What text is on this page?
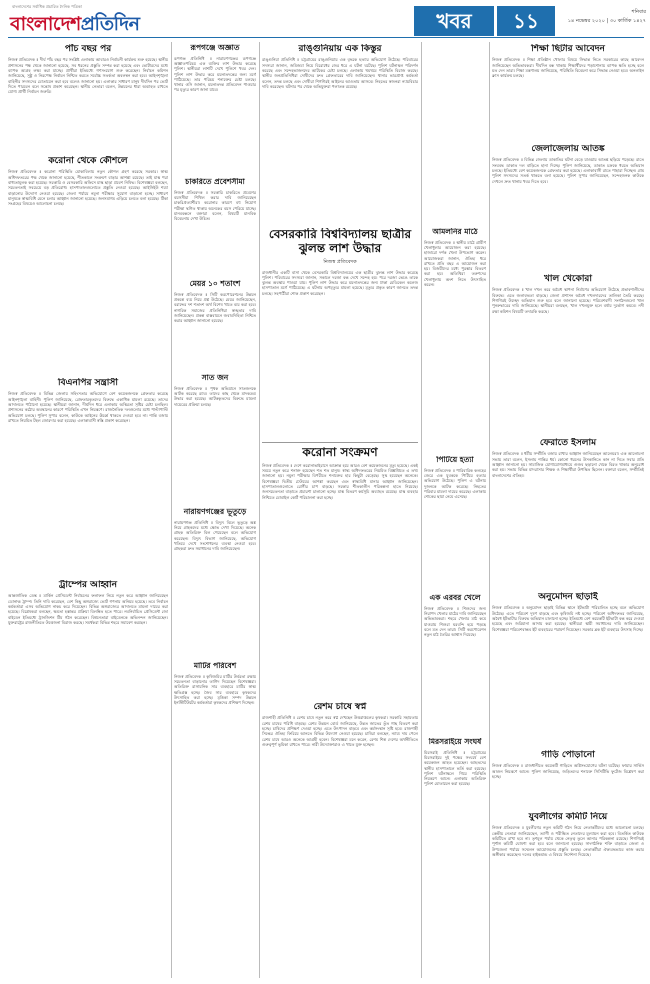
বাংলাদেশের সর্বাধিক প্রচারিত দৈনিক পত্রিকা
বাংলাদেশপ্রতিদিন	খবর	১১	শনিবার
১৪ নভেম্বর ২০২০ | ৩০ কার্তিক ১৪২৭
পাঁচ বছর পর

নিজস্ব প্রতিবেদক ॥ দীর্ঘ পাঁচ বছর পর সংশ্লিষ্ট এলাকায় আবারও নির্বাচনী কার্যক্রম শুরু হয়েছে। স্থানীয় প্রশাসনের পক্ষ থেকে জানানো হয়েছে, সব ধরনের প্রস্তুতি সম্পন্ন করা হয়েছে এবং ভোটারদের মধ্যে ব্যাপক আগ্রহ লক্ষ্য করা যাচ্ছে। প্রার্থীরা ইতিমধ্যে গণসংযোগ শুরু করেছেন। নির্বাচন কমিশন জানিয়েছে, সুষ্ঠু ও নিরপেক্ষ নির্বাচন নিশ্চিত করতে সর্বোচ্চ সতর্কতা অবলম্বন করা হবে। আইনশৃঙ্খলা বাহিনীর সদস্যদের মোতায়েন করা হবে বলেও জানানো হয়। এলাকার সাধারণ মানুষ দীর্ঘদিন পর ভোট দিতে পারবেন বলে সন্তোষ প্রকাশ করেছেন। স্থানীয় নেতারা বলেন, উন্নয়নের ধারা অব্যাহত রাখতে যোগ্য প্রার্থী নির্বাচন জরুরি।

করোনা থেকে কৌশলে

নিজস্ব প্রতিবেদক ॥ করোনা পরিস্থিতি মোকাবিলায় নতুন কৌশল গ্রহণ করেছে সরকার। স্বাস্থ্য অধিদফতরের পক্ষ থেকে জানানো হয়েছে, শীতকালে সংক্রমণ বাড়ার আশঙ্কা রয়েছে। তাই মাস্ক পরা বাধ্যতামূলক করা হয়েছে। সরকারি ও বেসরকারি অফিসে মাস্ক ছাড়া প্রবেশ নিষিদ্ধ। বিশেষজ্ঞরা বলছেন, সচেতনতাই সবচেয়ে বড় প্রতিরোধ। হাসপাতালগুলোতে প্রস্তুতি নেওয়া হয়েছে। আইসিইউ শয্যা বাড়ানোর উদ্যোগ নেওয়া হয়েছে। জেলা পর্যায়ে নমুনা পরীক্ষার সুযোগ বাড়ানো হচ্ছে। সাধারণ মানুষকে স্বাস্থ্যবিধি মেনে চলার আহ্বান জানানো হয়েছে। জনসমাগম এড়িয়ে চলতে বলা হয়েছে। টিকা সংগ্রহের বিষয়েও আলোচনা চলছে।

বিএনপির সন্ত্রাসী

নিজস্ব প্রতিবেদক ॥ বিভিন্ন জেলায় সহিংসতার অভিযোগে বেশ কয়েকজনকে গ্রেফতার করেছে আইনশৃঙ্খলা বাহিনী। পুলিশ জানিয়েছে, গ্রেফতারকৃতদের বিরুদ্ধে একাধিক মামলা রয়েছে। তাদের আদালতে পাঠানো হয়েছে। স্থানীয়রা জানান, দীর্ঘদিন ধরে এলাকায় অস্থিরতা সৃষ্টির চেষ্টা চলছিল। প্রশাসনের কঠোর অবস্থানের কারণে পরিস্থিতি এখন নিয়ন্ত্রণে। রাজনৈতিক দলগুলোর মধ্যে পাল্টাপাল্টি অভিযোগ চলছে। পুলিশ সুপার বলেন, কাউকে আইনের ঊর্ধ্বে থাকতে দেওয়া হবে না। শান্তি বজায় রাখতে নিয়মিত টহল জোরদার করা হয়েছে। এলাকাবাসী স্বস্তি প্রকাশ করেছেন।

ট্রাম্পের আহ্বান

আন্তর্জাতিক ডেস্ক ॥ মার্কিন প্রেসিডেন্ট নির্বাচনের ফলাফল নিয়ে নতুন করে আহ্বান জানিয়েছেন ডোনাল্ড ট্রাম্প। তিনি দাবি করেছেন, বেশ কিছু অঙ্গরাজ্যে ভোট গণনায় অনিয়ম হয়েছে। তবে নির্বাচন কর্মকর্তারা এসব অভিযোগ নাকচ করে দিয়েছেন। বিভিন্ন অঙ্গরাজ্যের আদালতে মামলা দায়ের করা হয়েছে। বিশ্লেষকরা বলছেন, ক্ষমতা হস্তান্তর প্রক্রিয়া বিলম্বিত হতে পারে। নবনির্বাচিত প্রেসিডেন্ট জো বাইডেন ইতিমধ্যে ট্রানজিশন টিম গঠন করেছেন। বিশ্বনেতারা বাইডেনকে অভিনন্দন জানিয়েছেন। যুক্তরাষ্ট্রের রাজনীতিতে উত্তেজনা বিরাজ করছে। সমর্থকরা বিভিন্ন শহরে সমাবেশ করছেন।

রূপগঞ্জে অজ্ঞাত

রূপগঞ্জ প্রতিনিধি ॥ নারায়ণগঞ্জের রূপগঞ্জে অজ্ঞাতপরিচয় এক ব্যক্তির লাশ উদ্ধার করেছে পুলিশ। স্থানীয়রা লাশটি দেখে পুলিশে খবর দেন। পুলিশ লাশ উদ্ধার করে ময়নাতদন্তের জন্য মর্গে পাঠিয়েছে। তার পরিচয় শনাক্তের চেষ্টা চলছে। থানার ওসি জানান, ময়নাতদন্ত প্রতিবেদন পাওয়ার পর মৃত্যুর কারণ জানা যাবে।

চাকরিতে প্রবেশসীমা

নিজস্ব প্রতিবেদক ॥ সরকারি চাকরিতে প্রবেশের বয়সসীমা শিথিল করার দাবি জানিয়েছেন চাকরিপ্রত্যাশীরা। করোনার কারণে বহু নিয়োগ পরীক্ষা স্থগিত থাকায় অনেকের বয়স পেরিয়ে যাচ্ছে। মানববন্ধনে বক্তারা বলেন, বিষয়টি মানবিক বিবেচনায় দেখা উচিত।

মেয়র ১০ শতাংশ

নিজস্ব প্রতিবেদক ॥ সিটি করপোরেশনের উন্নয়ন প্রকল্পে ব্যয় নিয়ে প্রশ্ন উঠেছে। মেয়র জানিয়েছেন, বরাদ্দের দশ শতাংশ অর্থ বিশেষ খাতে ব্যয় করা হবে। নাগরিক সমাজের প্রতিনিধিরা স্বচ্ছতার দাবি জানিয়েছেন। প্রকল্প বাস্তবায়নে জবাবদিহিতা নিশ্চিত করার আহ্বান জানানো হয়েছে।

সাত জন

নিজস্ব প্রতিবেদক ॥ পৃথক অভিযানে সাতজনকে আটক করেছে র‌্যাব। তাদের কাছ থেকে মাদকদ্রব্য উদ্ধার করা হয়েছে। আটককৃতদের বিরুদ্ধে মামলা দায়েরের প্রক্রিয়া চলছে।

নারায়ণগঞ্জের ভূতুড়ে

নারায়ণগঞ্জ প্রতিনিধি ॥ বিদ্যুৎ বিলে ভূতুড়ে অঙ্ক নিয়ে গ্রাহকদের মধ্যে ক্ষোভ দেখা দিয়েছে। অনেক গ্রাহক অতিরিক্ত বিল পেয়েছেন বলে অভিযোগ করেছেন। বিদ্যুৎ বিভাগ জানিয়েছে, অভিযোগ খতিয়ে দেখে সংশোধনের ব্যবস্থা নেওয়া হবে। গ্রাহকরা দ্রুত সমাধানের দাবি জানিয়েছেন।

মাটির পরিবেশ

নিজস্ব প্রতিবেদক ॥ কৃষিজমির মাটির উর্বরতা রক্ষায় সচেতনতা বাড়ানোর তাগিদ দিয়েছেন বিশেষজ্ঞরা। অতিরিক্ত রাসায়নিক সার ব্যবহারে মাটির স্বাস্থ্য ক্ষতিগ্রস্ত হচ্ছে। জৈব সার ব্যবহারে কৃষকদের উৎসাহিত করা হচ্ছে। মৃত্তিকা সম্পদ উন্নয়ন ইনস্টিটিউটের কর্মকর্তারা কৃষকদের প্রশিক্ষণ দিচ্ছেন।

রাঙ্গুনিয়ায় এক কিস্তুর

রাঙ্গুনিয়া প্রতিনিধি ॥ চট্টগ্রামের রাঙ্গুনিয়ায় এক বৃদ্ধকে হত্যার অভিযোগ উঠেছে। পরিবারের সদস্যরা জানান, জমিজমা নিয়ে বিরোধের জের ধরে এ ঘটনা ঘটেছে। পুলিশ ঘটনাস্থল পরিদর্শন করেছে এবং সন্দেহভাজনদের আটকের চেষ্টা চলছে। এলাকায় থমথমে পরিস্থিতি বিরাজ করছে। স্থানীয় জনপ্রতিনিধিরা দোষীদের দ্রুত গ্রেফতারের দাবি জানিয়েছেন। থানার ভারপ্রাপ্ত কর্মকর্তা বলেন, তদন্ত চলছে এবং দোষীরা শিগগিরই আইনের আওতায় আসবে। নিহতের স্বজনরা ন্যায়বিচার দাবি করেছেন। ঘটনার পর থেকে অভিযুক্তরা পলাতক রয়েছে।

বেসরকারি বিশ্ববিদ্যালয় ছাত্রীর ঝুলন্ত লাশ উদ্ধার
নিজস্ব প্রতিবেদক

রাজধানীর একটি বাসা থেকে বেসরকারি বিশ্ববিদ্যালয়ের এক ছাত্রীর ঝুলন্ত লাশ উদ্ধার করেছে পুলিশ। পরিবারের সদস্যরা জানান, সকালে দরজা বন্ধ দেখে সন্দেহ হয়। পরে দরজা ভেঙে তাকে ঝুলন্ত অবস্থায় পাওয়া যায়। পুলিশ লাশ উদ্ধার করে ময়নাতদন্তের জন্য ঢাকা মেডিকেল কলেজ হাসপাতাল মর্গে পাঠিয়েছে। এ ঘটনায় অপমৃত্যুর মামলা হয়েছে। মৃত্যুর প্রকৃত কারণ জানতে তদন্ত চলছে। সহপাঠীরা শোক প্রকাশ করেছেন।

করোনা সংক্রমণ

নিজস্ব প্রতিবেদক ॥ দেশে করোনাভাইরাসে আক্রান্ত হয়ে আরও বেশ কয়েকজনের মৃত্যু হয়েছে। একই সময়ে নতুন করে শনাক্ত হয়েছেন শত শত মানুষ। স্বাস্থ্য অধিদফতরের নিয়মিত বিজ্ঞপ্তিতে এ তথ্য জানানো হয়। নমুনা পরীক্ষার বিপরীতে শনাক্তের হার কিছুটা বেড়েছে। সুস্থ হয়েছেন অনেকে। বিশেষজ্ঞরা দ্বিতীয় ঢেউয়ের আশঙ্কা করছেন এবং স্বাস্থ্যবিধি মানার আহ্বান জানিয়েছেন। হাসপাতালগুলোতে রোগীর চাপ বাড়ছে। সরকার শীতকালীন পরিকল্পনা হাতে নিয়েছে। জনসচেতনতা বাড়াতে প্রচারণা চালানো হচ্ছে। মাস্ক বিতরণ কর্মসূচি অব্যাহত রয়েছে। মাস্ক ব্যবহার নিশ্চিতে মোবাইল কোর্ট পরিচালনা করা হচ্ছে।

রেশম চাষে স্বপ্ন

রাজশাহী প্রতিনিধি ॥ রেশম চাষে নতুন করে স্বপ্ন দেখছেন উত্তরাঞ্চলের কৃষকরা। সরকারি সহায়তায় রেশম চাষের পরিধি বাড়ছে। রেশম উন্নয়ন বোর্ড জানিয়েছে, উন্নত জাতের তুঁত গাছ বিতরণ করা হচ্ছে। চাষিদের প্রশিক্ষণ দেওয়া হচ্ছে। এতে উৎপাদন বাড়বে এবং কর্মসংস্থান সৃষ্টি হবে। রাজশাহী সিল্কের ঐতিহ্য ফিরিয়ে আনতে বিভিন্ন উদ্যোগ নেওয়া হয়েছে। চাষিরা বলছেন, ন্যায্য দাম পেলে রেশম চাষে আরও অনেকে আগ্রহী হবেন। বিশেষজ্ঞরা মনে করেন, রেশম শিল্প দেশের অর্থনীতিতে গুরুত্বপূর্ণ ভূমিকা রাখতে পারে। নারী উদ্যোক্তারাও এ খাতে যুক্ত হচ্ছেন।

আমলনির মাঠে

নিজস্ব প্রতিবেদক ॥ স্থানীয় মাঠে গ্রামীণ খেলাধুলার আয়োজন করা হয়েছে। হাজারো দর্শক খেলা উপভোগ করেন। আয়োজকরা জানান, ঐতিহ্য ধরে রাখতে প্রতি বছর এ আয়োজন করা হয়। বিজয়ীদের মধ্যে পুরস্কার বিতরণ করা হয়। অতিথিরা তরুণদের খেলাধুলায় অংশ নিতে উৎসাহিত করেন।

পিটিয়ে হত্যা

নিজস্ব প্রতিবেদক ॥ পারিবারিক কলহের জেরে এক যুবককে পিটিয়ে হত্যার অভিযোগ উঠেছে। পুলিশ এ ঘটনায় দুজনকে আটক করেছে। নিহতের পরিবার মামলা দায়ের করেছে। এলাকায় শোকের ছায়া নেমে এসেছে।

এক এরবর খেলে

নিজস্ব প্রতিবেদক ॥ শিশুদের জন্য নিরাপদ খেলার মাঠের দাবি জানিয়েছেন অভিভাবকরা। শহরে খেলার মাঠ কমে যাওয়ায় শিশুরা ঘরবন্দি হয়ে পড়ছে বলে মত দেন তারা। সিটি করপোরেশন নতুন মাঠ তৈরির আশ্বাস দিয়েছে।

মিরসরাইয়ে সংঘর্ষ

মিরসরাই প্রতিনিধি ॥ চট্টগ্রামের মিরসরাইয়ে দুই পক্ষের সংঘর্ষে বেশ কয়েকজন আহত হয়েছেন। আহতদের স্থানীয় হাসপাতালে ভর্তি করা হয়েছে। পুলিশ ঘটনাস্থলে গিয়ে পরিস্থিতি নিয়ন্ত্রণে আনে। এলাকায় অতিরিক্ত পুলিশ মোতায়েন করা হয়েছে।

শিক্ষা ছিটার আবেদন

নিজস্ব প্রতিবেদক ॥ শিক্ষা প্রতিষ্ঠান খোলার বিষয়ে সিদ্ধান্ত নিতে সরকারের কাছে আবেদন জানিয়েছেন অভিভাবকরা। দীর্ঘদিন বন্ধ থাকায় শিক্ষার্থীদের পড়াশোনায় ব্যাপক ক্ষতি হচ্ছে বলে মত দেন তারা। শিক্ষা মন্ত্রণালয় জানিয়েছে, পরিস্থিতি বিবেচনা করে সিদ্ধান্ত নেওয়া হবে। অনলাইন ক্লাস কার্যক্রম চলছে।

জেলাজেলায় আতঙ্ক

নিজস্ব প্রতিবেদক ॥ বিভিন্ন জেলায় ডাকাতির ঘটনা বেড়ে যাওয়ায় আতঙ্ক ছড়িয়ে পড়েছে। রাতে সংঘবদ্ধ ডাকাত দল বাড়িতে হানা দিচ্ছে। পুলিশ জানিয়েছে, ডাকাত চক্রকে ধরতে অভিযান চলছে। ইতিমধ্যে বেশ কয়েকজনকে গ্রেফতার করা হয়েছে। এলাকাবাসী রাতে পাহারা দিচ্ছেন। গ্রাম পুলিশ সদস্যদের সতর্ক থাকতে বলা হয়েছে। পুলিশ সুপার জানিয়েছেন, সন্দেহজনক কাউকে দেখলে দ্রুত থানায় খবর দিতে হবে।

খাল খেকোরা

নিজস্ব প্রতিবেদক ॥ খাল দখল করে অবৈধ স্থাপনা নির্মাণের অভিযোগ উঠেছে প্রভাবশালীদের বিরুদ্ধে। এতে জলাবদ্ধতা বাড়ছে। জেলা প্রশাসন অবৈধ দখলদারদের তালিকা তৈরি করছে। শিগগিরই উচ্ছেদ অভিযান শুরু হবে বলে জানানো হয়েছে। পরিবেশবাদী সংগঠনগুলো খাল পুনরুদ্ধারের দাবি জানিয়েছে। স্থানীয়রা বলছেন, খাল দখলমুক্ত হলে বর্ষায় দুর্ভোগ কমবে। নদী রক্ষা কমিশন বিষয়টি তদারকি করছে।

ফেরাতে ইসলাম

নিজস্ব প্রতিবেদক ॥ ধর্মীয় সম্প্রীতি বজায় রাখার আহ্বান জানিয়েছেন আলেমরা। এক আলোচনা সভায় তারা বলেন, ইসলাম শান্তির ধর্ম। কোনো ধরনের উসকানিতে কান না দিতে সবার প্রতি আহ্বান জানানো হয়। সামাজিক যোগাযোগমাধ্যমে গুজব ছড়ানো থেকে বিরত থাকার অনুরোধ করা হয়। সভায় বিভিন্ন মাদরাসার শিক্ষক ও শিক্ষার্থীরা উপস্থিত ছিলেন। বক্তারা বলেন, সম্প্রীতিই বাংলাদেশের ঐতিহ্য।

অনুমোদন ছাড়াই

নিজস্ব প্রতিবেদক ॥ অনুমোদন ছাড়াই বিভিন্ন স্থানে ইটভাটা পরিচালিত হচ্ছে বলে অভিযোগ উঠেছে। এতে পরিবেশ দূষণ বাড়ছে এবং কৃষিজমি নষ্ট হচ্ছে। পরিবেশ অধিদফতর জানিয়েছে, অবৈধ ইটভাটার বিরুদ্ধে অভিযান চালানো হচ্ছে। ইতিমধ্যে বেশ কয়েকটি ইটভাটা বন্ধ করে দেওয়া হয়েছে এবং জরিমানা আদায় করা হয়েছে। স্থানীয়রা স্থায়ী সমাধানের দাবি জানিয়েছেন। বিশেষজ্ঞরা পরিবেশবান্ধব ইট ব্যবহারের পরামর্শ দিয়েছেন। সরকার ব্লক ইট ব্যবহারে উৎসাহ দিচ্ছে।

গাড়ি পোড়ানো

নিজস্ব প্রতিবেদক ॥ রাজধানীতে কয়েকটি গাড়িতে অগ্নিসংযোগের ঘটনা ঘটেছে। ফায়ার সার্ভিস আগুন নিয়ন্ত্রণে আনে। পুলিশ জানিয়েছে, জড়িতদের শনাক্তে সিসিটিভি ফুটেজ বিশ্লেষণ করা হচ্ছে।

যুবলীগের কমিটি নিয়ে

নিজস্ব প্রতিবেদক ॥ যুবলীগের নতুন কমিটি গঠন নিয়ে নেতাকর্মীদের মধ্যে আলোচনা চলছে। কেন্দ্রীয় নেতারা জানিয়েছেন, ত্যাগী ও পরীক্ষিত নেতাদের মূল্যায়ন করা হবে। বিতর্কিত কাউকে কমিটিতে রাখা হবে না। তৃণমূল পর্যায় থেকে নেতৃত্ব তুলে আনার পরিকল্পনা রয়েছে। শিগগিরই পূর্ণাঙ্গ কমিটি ঘোষণা করা হবে বলে জানানো হয়েছে। সাংগঠনিক শক্তি বাড়াতে জেলা ও উপজেলা পর্যায়ে সম্মেলন আয়োজনের প্রস্তুতি চলছে। নেতাকর্মীরা ঐক্যবদ্ধভাবে কাজ করার অঙ্গীকার করেছেন। দলের হাইকমান্ড এ বিষয়ে নির্দেশনা দিয়েছে।
